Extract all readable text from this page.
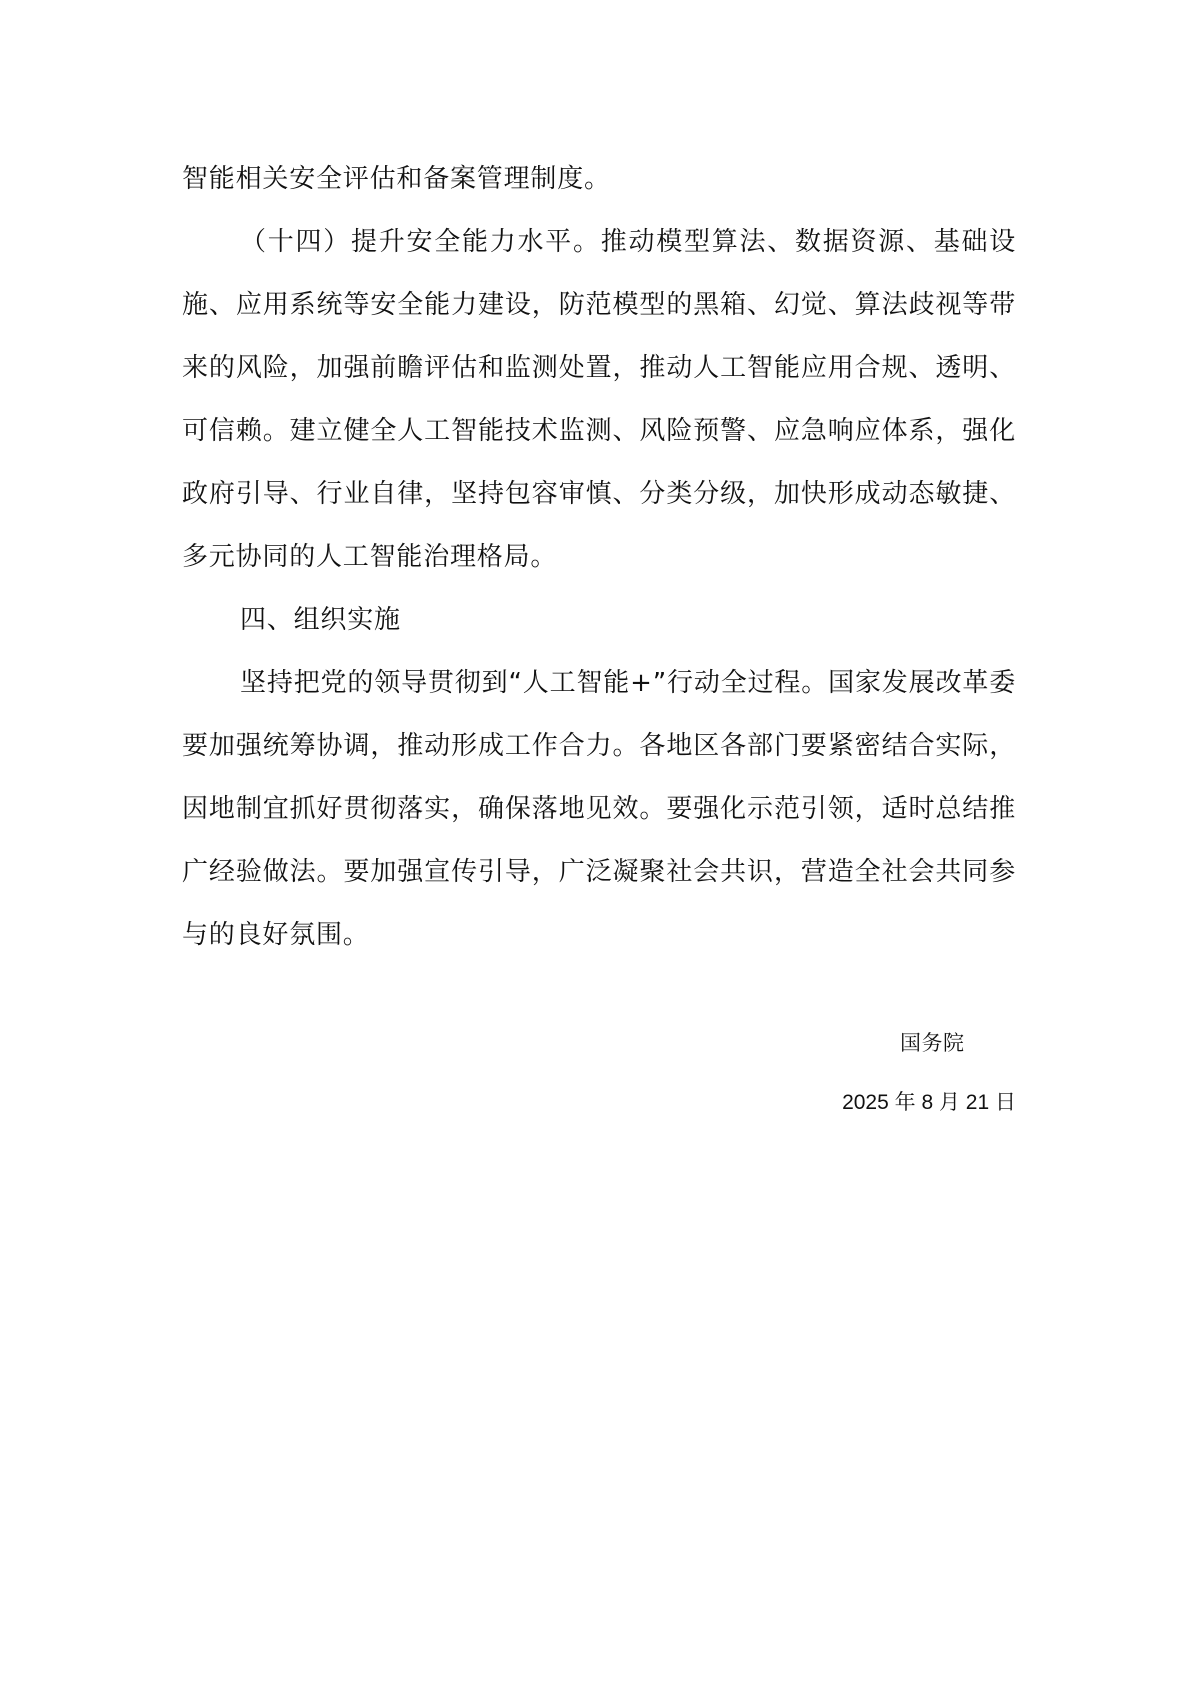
智能相关安全评估和备案管理制度。

（十四）提升安全能力水平。推动模型算法、数据资源、基础设施、应用系统等安全能力建设，防范模型的黑箱、幻觉、算法歧视等带来的风险，加强前瞻评估和监测处置，推动人工智能应用合规、透明、可信赖。建立健全人工智能技术监测、风险预警、应急响应体系，强化政府引导、行业自律，坚持包容审慎、分类分级，加快形成动态敏捷、多元协同的人工智能治理格局。

四、组织实施

坚持把党的领导贯彻到“人工智能+”行动全过程。国家发展改革委要加强统筹协调，推动形成工作合力。各地区各部门要紧密结合实际，因地制宜抓好贯彻落实，确保落地见效。要强化示范引领，适时总结推广经验做法。要加强宣传引导，广泛凝聚社会共识，营造全社会共同参与的良好氛围。

国务院
2025 年 8 月 21 日
